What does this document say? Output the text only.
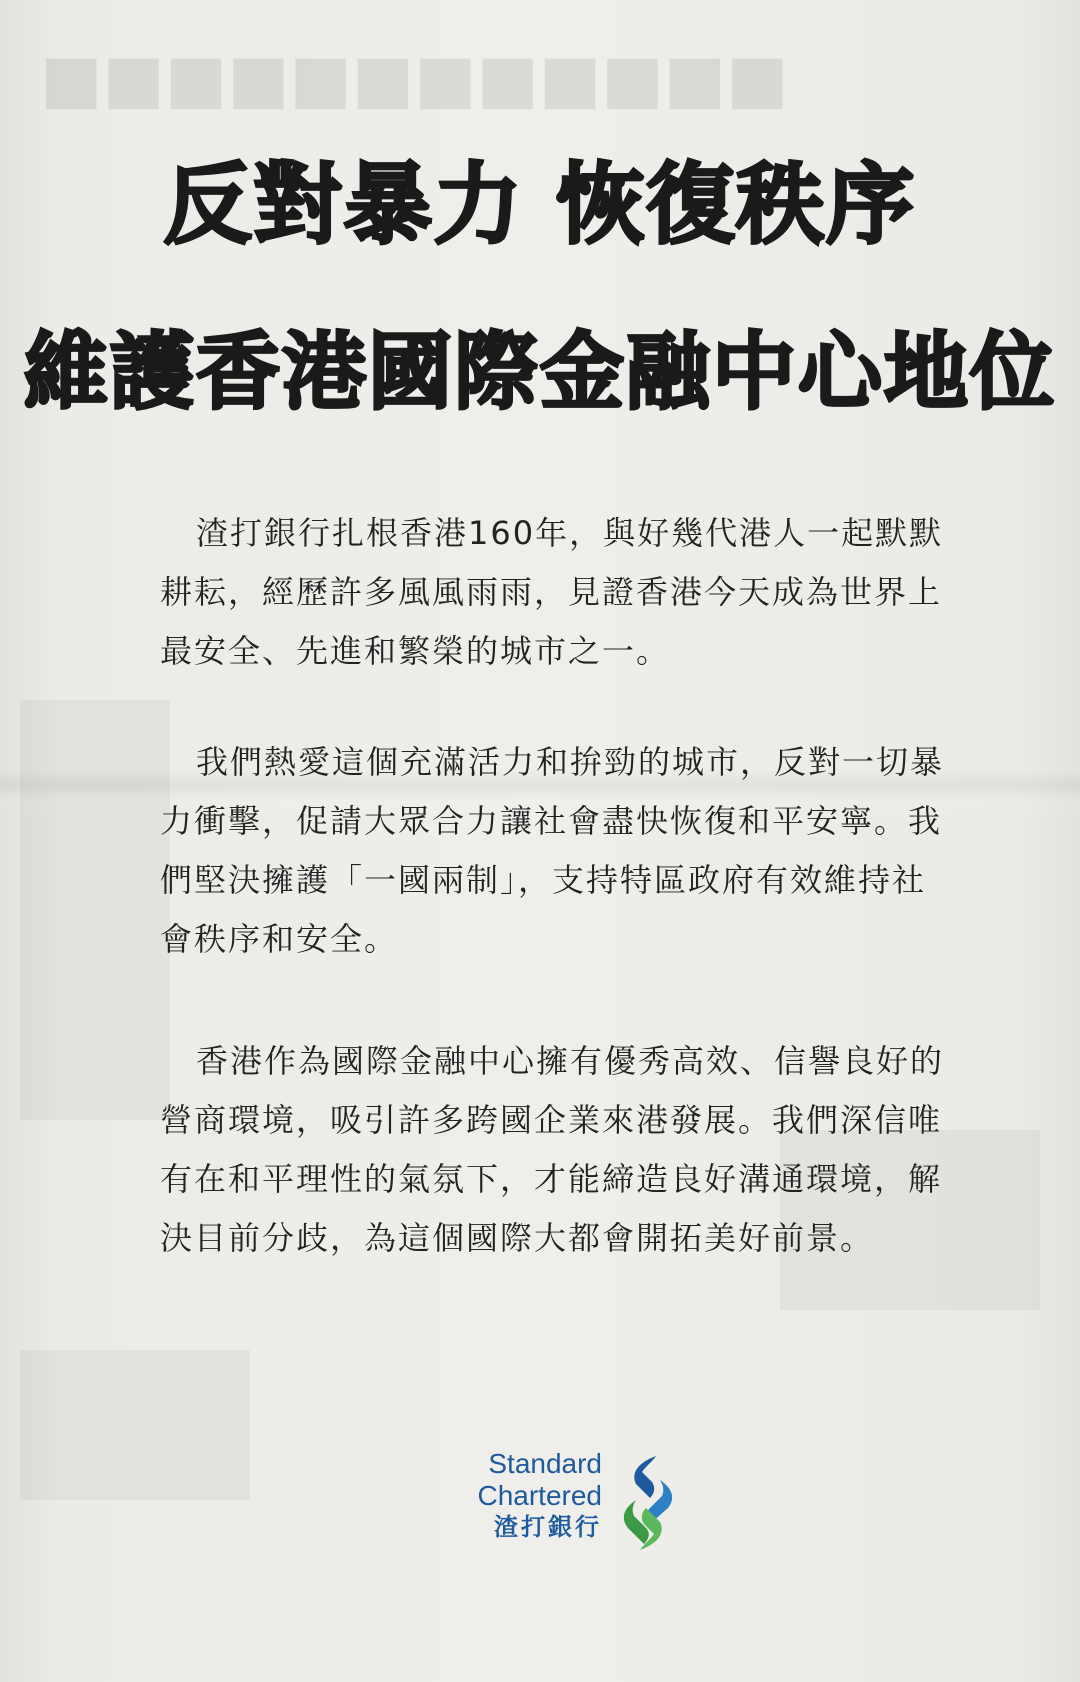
■■■■■■■■■■■■
反對暴力 恢復秩序
維護香港國際金融中心地位

渣打銀行扎根香港160年，與好幾代港人一起默默耕耘，經歷許多風風雨雨，見證香港今天成為世界上最安全、先進和繁榮的城市之一。

我們熱愛這個充滿活力和拚勁的城市，反對一切暴力衝擊，促請大眾合力讓社會盡快恢復和平安寧。我們堅決擁護「一國兩制」，支持特區政府有效維持社會秩序和安全。

香港作為國際金融中心擁有優秀高效、信譽良好的營商環境，吸引許多跨國企業來港發展。我們深信唯有在和平理性的氣氛下，才能締造良好溝通環境，解決目前分歧，為這個國際大都會開拓美好前景。

Standard
Chartered
渣打銀行
